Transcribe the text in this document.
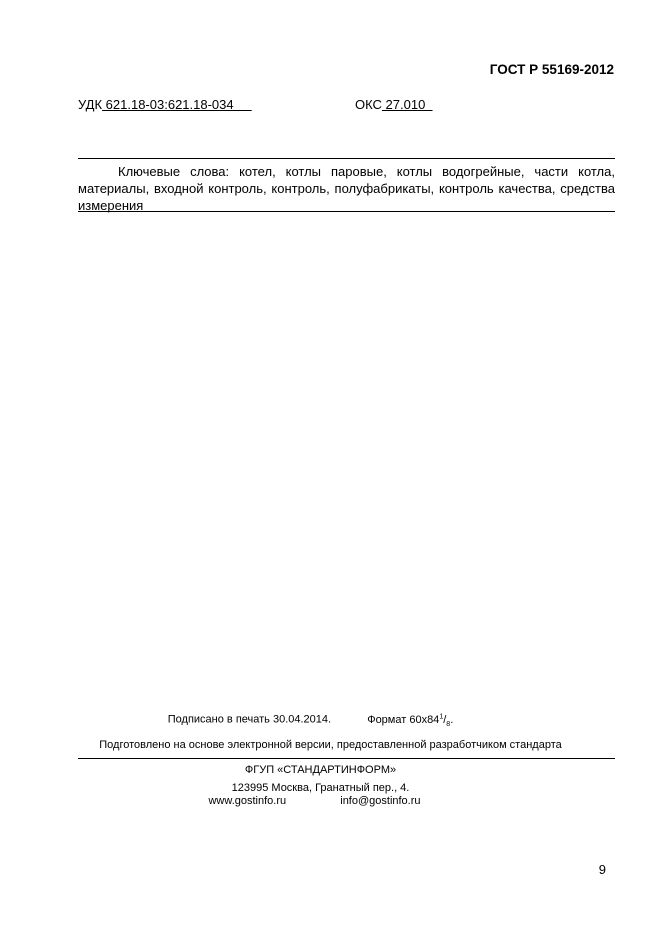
ГОСТ Р 55169-2012
УДК 621.18-03:621.18-034	ОКС 27.010
Ключевые слова: котел, котлы паровые, котлы водогрейные, части котла, материалы, входной контроль, контроль, полуфабрикаты, контроль качества, средства измерения
Подписано в печать 30.04.2014.	Формат $60х84^1/_8$.
Подготовлено на основе электронной версии, предоставленной разработчиком стандарта
ФГУП «СТАНДАРТИНФОРМ»
123995 Москва, Гранатный пер., 4.
www.gostinfo.ru	info@gostinfo.ru
9
